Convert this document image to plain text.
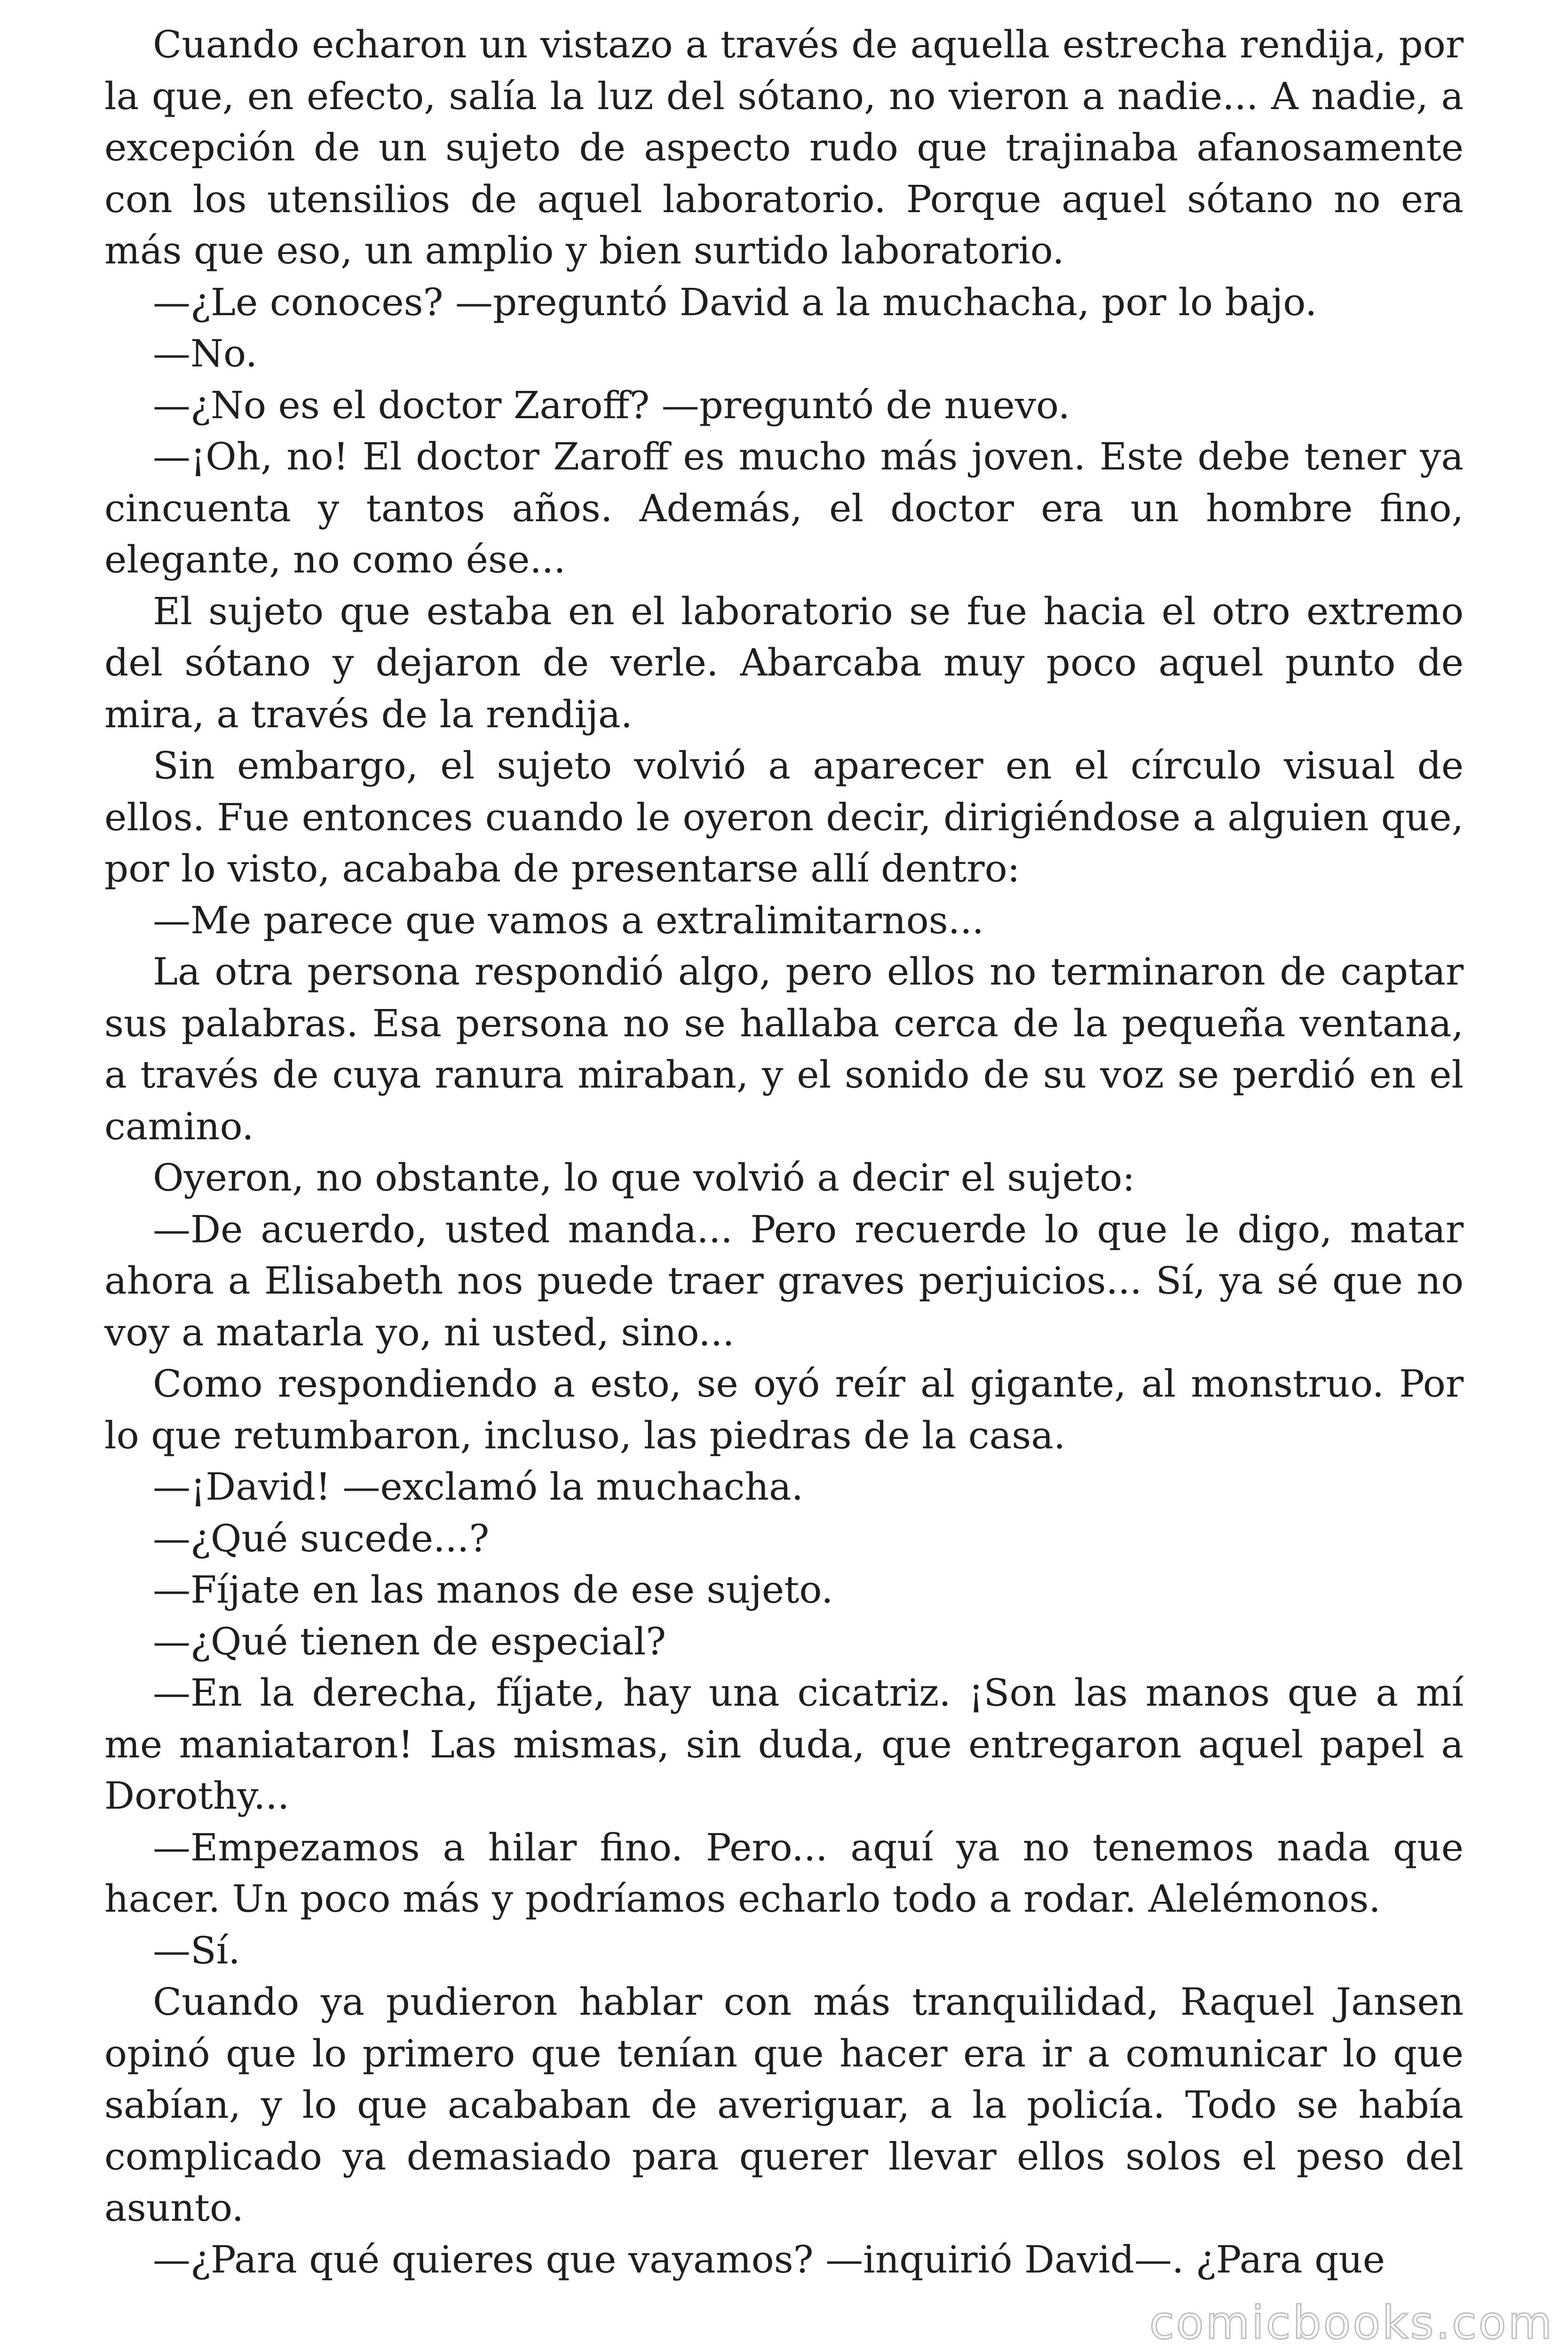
Cuando echaron un vistazo a través de aquella estrecha rendija, por la que, en efecto, salía la luz del sótano, no vieron a nadie... A nadie, a excepción de un sujeto de aspecto rudo que trajinaba afanosamente con los utensilios de aquel laboratorio. Porque aquel sótano no era más que eso, un amplio y bien surtido laboratorio.

—¿Le conoces? —preguntó David a la muchacha, por lo bajo.

—No.

—¿No es el doctor Zaroff? —preguntó de nuevo.

—¡Oh, no! El doctor Zaroff es mucho más joven. Este debe tener ya cincuenta y tantos años. Además, el doctor era un hombre fino, elegante, no como ése...

El sujeto que estaba en el laboratorio se fue hacia el otro extremo del sótano y dejaron de verle. Abarcaba muy poco aquel punto de mira, a través de la rendija.

Sin embargo, el sujeto volvió a aparecer en el círculo visual de ellos. Fue entonces cuando le oyeron decir, dirigiéndose a alguien que, por lo visto, acababa de presentarse allí dentro:

—Me parece que vamos a extralimitarnos...

La otra persona respondió algo, pero ellos no terminaron de captar sus palabras. Esa persona no se hallaba cerca de la pequeña ventana, a través de cuya ranura miraban, y el sonido de su voz se perdió en el camino.

Oyeron, no obstante, lo que volvió a decir el sujeto:

—De acuerdo, usted manda... Pero recuerde lo que le digo, matar ahora a Elisabeth nos puede traer graves perjuicios... Sí, ya sé que no voy a matarla yo, ni usted, sino...

Como respondiendo a esto, se oyó reír al gigante, al monstruo. Por lo que retumbaron, incluso, las piedras de la casa.

—¡David! —exclamó la muchacha.

—¿Qué sucede...?

—Fíjate en las manos de ese sujeto.

—¿Qué tienen de especial?

—En la derecha, fíjate, hay una cicatriz. ¡Son las manos que a mí me maniataron! Las mismas, sin duda, que entregaron aquel papel a Dorothy...

—Empezamos a hilar fino. Pero... aquí ya no tenemos nada que hacer. Un poco más y podríamos echarlo todo a rodar. Alelémonos.

—Sí.

Cuando ya pudieron hablar con más tranquilidad, Raquel Jansen opinó que lo primero que tenían que hacer era ir a comunicar lo que sabían, y lo que acababan de averiguar, a la policía. Todo se había complicado ya demasiado para querer llevar ellos solos el peso del asunto.

—¿Para qué quieres que vayamos? —inquirió David—. ¿Para que

comicbooks.com
